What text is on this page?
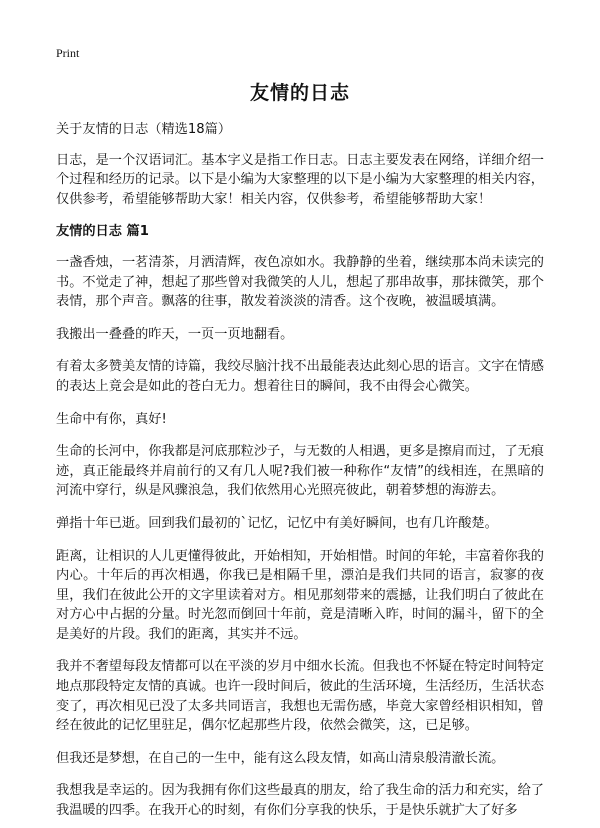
Print
友情的日志

关于友情的日志（精选18篇）

日志，是一个汉语词汇。基本字义是指工作日志。日志主要发表在网络，详细介绍一个过程和经历的记录。以下是小编为大家整理的以下是小编为大家整理的相关内容，仅供参考，希望能够帮助大家！相关内容，仅供参考，希望能够帮助大家！

友情的日志 篇1

一盏香烛，一茗清茶，月洒清辉，夜色凉如水。我静静的坐着，继续那本尚未读完的书。不觉走了神，想起了那些曾对我微笑的人儿，想起了那串故事，那抹微笑，那个表情，那个声音。飘落的往事，散发着淡淡的清香。这个夜晚，被温暖填满。

我搬出一叠叠的昨天，一页一页地翻看。

有着太多赞美友情的诗篇，我绞尽脑汁找不出最能表达此刻心思的语言。文字在情感的表达上竟会是如此的苍白无力。想着往日的瞬间，我不由得会心微笑。

生命中有你，真好!

生命的长河中，你我都是河底那粒沙子，与无数的人相遇，更多是擦肩而过，了无痕迹，真正能最终并肩前行的又有几人呢?我们被一种称作“友情”的线相连，在黑暗的河流中穿行，纵是风骤浪急，我们依然用心光照亮彼此，朝着梦想的海游去。

弹指十年已逝。回到我们最初的`记忆，记忆中有美好瞬间，也有几许酸楚。

距离，让相识的人儿更懂得彼此，开始相知，开始相惜。时间的年轮，丰富着你我的内心。十年后的再次相遇，你我已是相隔千里，漂泊是我们共同的语言，寂寥的夜里，我们在彼此公开的文字里读着对方。相见那刻带来的震撼，让我们明白了彼此在对方心中占据的分量。时光忽而倒回十年前，竟是清晰入昨，时间的漏斗，留下的全是美好的片段。我们的距离，其实并不远。

我并不奢望每段友情都可以在平淡的岁月中细水长流。但我也不怀疑在特定时间特定地点那段特定友情的真诚。也许一段时间后，彼此的生活环境，生活经历，生活状态变了，再次相见已没了太多共同语言，我想也无需伤感，毕竟大家曾经相识相知，曾经在彼此的记忆里驻足，偶尔忆起那些片段，依然会微笑，这，已足够。

但我还是梦想，在自己的一生中，能有这么段友情，如高山清泉般清澈长流。

我想我是幸运的。因为我拥有你们这些最真的朋友，给了我生命的活力和充实，给了我温暖的四季。在我开心的时刻，有你们分享我的快乐，于是快乐就扩大了好多
